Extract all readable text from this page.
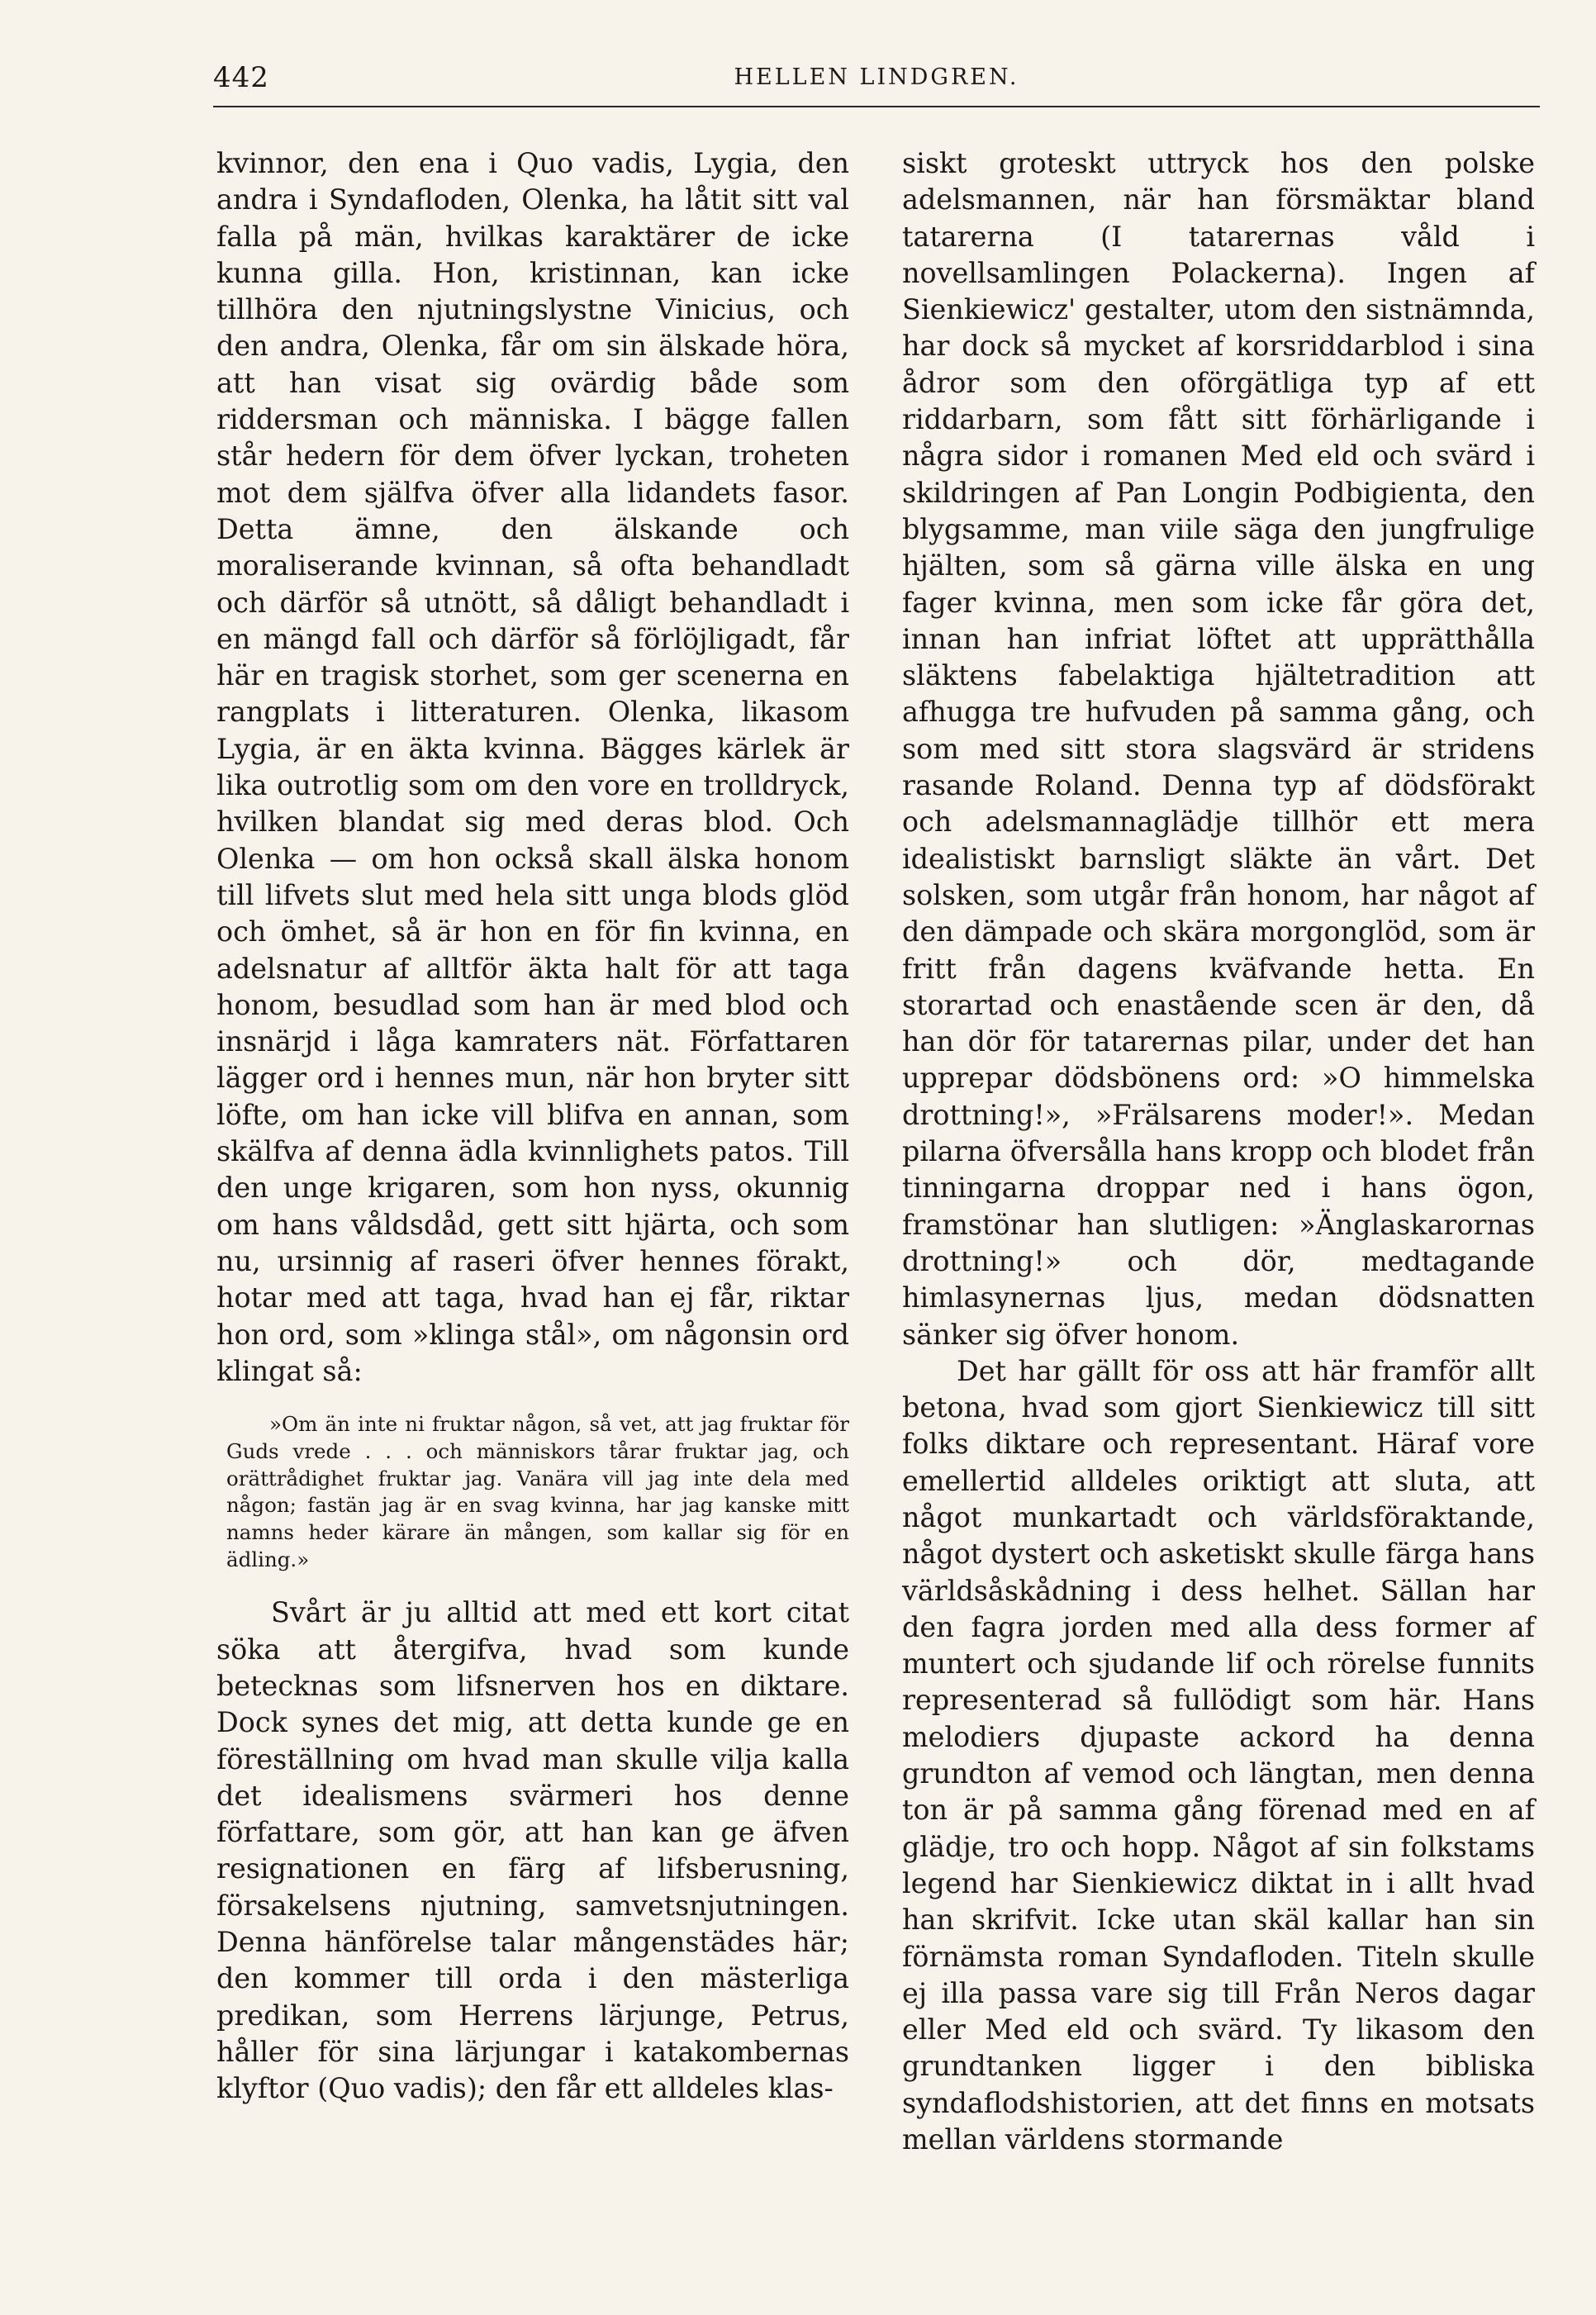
442	HELLEN LINDGREN.

kvinnor, den ena i Quo vadis, Lygia, den andra i Syndafloden, Olenka, ha låtit sitt val falla på män, hvilkas karaktärer de icke kunna gilla. Hon, kristinnan, kan icke tillhöra den njutningslystne Vinicius, och den andra, Olenka, får om sin älskade höra, att han visat sig ovärdig både som riddersman och människa. I bägge fallen står hedern för dem öfver lyckan, troheten mot dem själfva öfver alla lidandets fasor. Detta ämne, den älskande och moraliserande kvinnan, så ofta behandladt och därför så utnött, så dåligt behandladt i en mängd fall och därför så förlöjligadt, får här en tragisk storhet, som ger scenerna en rangplats i litteraturen. Olenka, likasom Lygia, är en äkta kvinna. Bägges kärlek är lika outrotlig som om den vore en trolldryck, hvilken blandat sig med deras blod. Och Olenka — om hon också skall älska honom till lifvets slut med hela sitt unga blods glöd och ömhet, så är hon en för fin kvinna, en adelsnatur af alltför äkta halt för att taga honom, besudlad som han är med blod och insnärjd i låga kamraters nät. Författaren lägger ord i hennes mun, när hon bryter sitt löfte, om han icke vill blifva en annan, som skälfva af denna ädla kvinnlighets patos. Till den unge krigaren, som hon nyss, okunnig om hans våldsdåd, gett sitt hjärta, och som nu, ursinnig af raseri öfver hennes förakt, hotar med att taga, hvad han ej får, riktar hon ord, som »klinga stål», om någonsin ord klingat så:

»Om än inte ni fruktar någon, så vet, att jag fruktar för Guds vrede . . . och människors tårar fruktar jag, och orättrådighet fruktar jag. Vanära vill jag inte dela med någon; fastän jag är en svag kvinna, har jag kanske mitt namns heder kärare än mången, som kallar sig för en ädling.»

Svårt är ju alltid att med ett kort citat söka att återgifva, hvad som kunde betecknas som lifsnerven hos en diktare. Dock synes det mig, att detta kunde ge en föreställning om hvad man skulle vilja kalla det idealismens svärmeri hos denne författare, som gör, att han kan ge äfven resignationen en färg af lifsberusning, försakelsens njutning, samvetsnjutningen. Denna hänförelse talar mångenstädes här; den kommer till orda i den mästerliga predikan, som Herrens lärjunge, Petrus, håller för sina lärjungar i katakombernas klyftor (Quo vadis); den får ett alldeles klas-

siskt groteskt uttryck hos den polske adelsmannen, när han försmäktar bland tatarerna (I tatarernas våld i novellsamlingen Polackerna). Ingen af Sienkiewicz' gestalter, utom den sistnämnda, har dock så mycket af korsriddarblod i sina ådror som den oförgätliga typ af ett riddarbarn, som fått sitt förhärligande i några sidor i romanen Med eld och svärd i skildringen af Pan Longin Podbigienta, den blygsamme, man viile säga den jungfrulige hjälten, som så gärna ville älska en ung fager kvinna, men som icke får göra det, innan han infriat löftet att upprätthålla släktens fabelaktiga hjältetradition att afhugga tre hufvuden på samma gång, och som med sitt stora slagsvärd är stridens rasande Roland. Denna typ af dödsförakt och adelsmannaglädje tillhör ett mera idealistiskt barnsligt släkte än vårt. Det solsken, som utgår från honom, har något af den dämpade och skära morgonglöd, som är fritt från dagens kväfvande hetta. En storartad och enastående scen är den, då han dör för tatarernas pilar, under det han upprepar dödsbönens ord: »O himmelska drottning!», »Frälsarens moder!». Medan pilarna öfversålla hans kropp och blodet från tinningarna droppar ned i hans ögon, framstönar han slutligen: »Änglaskarornas drottning!» och dör, medtagande himlasynernas ljus, medan dödsnatten sänker sig öfver honom.

Det har gällt för oss att här framför allt betona, hvad som gjort Sienkiewicz till sitt folks diktare och representant. Häraf vore emellertid alldeles oriktigt att sluta, att något munkartadt och världsföraktande, något dystert och asketiskt skulle färga hans världsåskådning i dess helhet. Sällan har den fagra jorden med alla dess former af muntert och sjudande lif och rörelse funnits representerad så fullödigt som här. Hans melodiers djupaste ackord ha denna grundton af vemod och längtan, men denna ton är på samma gång förenad med en af glädje, tro och hopp. Något af sin folkstams legend har Sienkiewicz diktat in i allt hvad han skrifvit. Icke utan skäl kallar han sin förnämsta roman Syndafloden. Titeln skulle ej illa passa vare sig till Från Neros dagar eller Med eld och svärd. Ty likasom den grundtanken ligger i den bibliska syndaflodshistorien, att det finns en motsats mellan världens stormande
